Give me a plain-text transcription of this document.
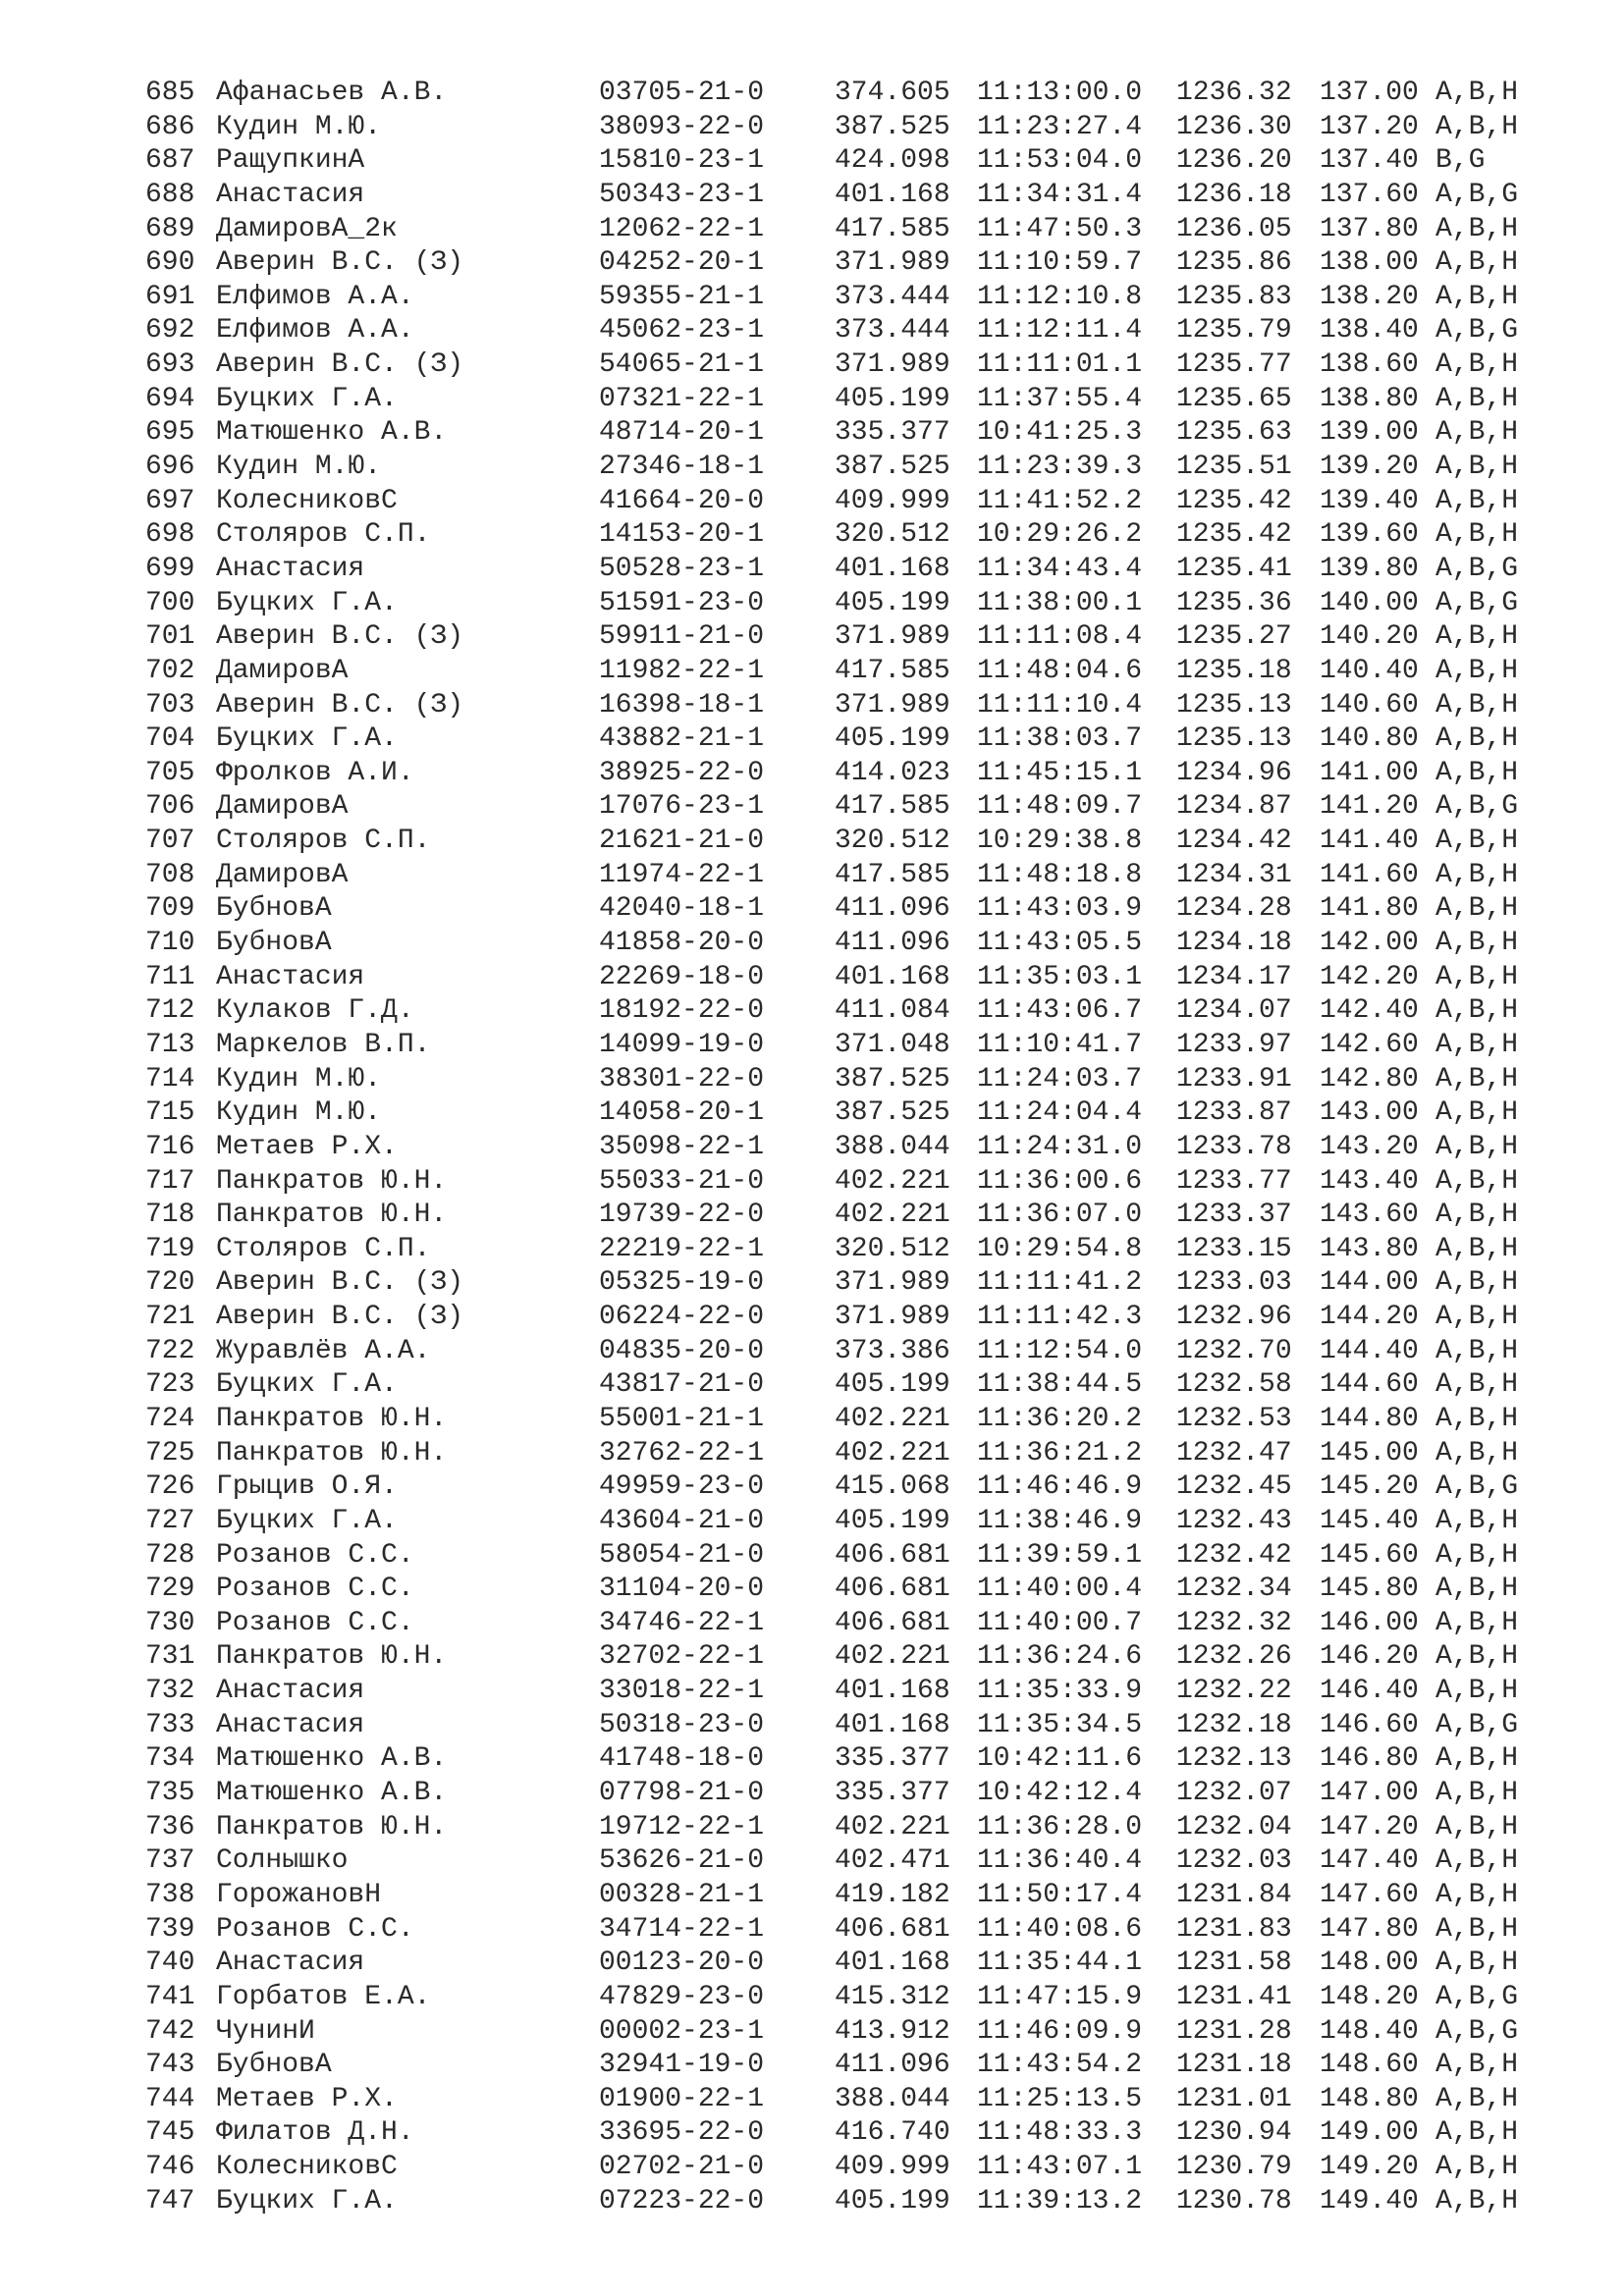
685 Афанасьев А.В.	03705-21-0	374.605 11:13:00.0	1236.32	137.00 A,B,H
686 Кудин М.Ю.	38093-22-0	387.525 11:23:27.4	1236.30	137.20 A,B,H
687 РащупкинА	15810-23-1	424.098 11:53:04.0	1236.20	137.40 B,G
688 Анастасия	50343-23-1	401.168 11:34:31.4	1236.18	137.60 A,B,G
689 ДамировА_2к	12062-22-1	417.585 11:47:50.3	1236.05	137.80 A,B,H
690 Аверин В.С. (З)	04252-20-1	371.989 11:10:59.7	1235.86	138.00 A,B,H
691 Елфимов А.А.	59355-21-1	373.444 11:12:10.8	1235.83	138.20 A,B,H
692 Елфимов А.А.	45062-23-1	373.444 11:12:11.4	1235.79	138.40 A,B,G
693 Аверин В.С. (З)	54065-21-1	371.989 11:11:01.1	1235.77	138.60 A,B,H
694 Буцких Г.А.	07321-22-1	405.199 11:37:55.4	1235.65	138.80 A,B,H
695 Матюшенко А.В.	48714-20-1	335.377 10:41:25.3	1235.63	139.00 A,B,H
696 Кудин М.Ю.	27346-18-1	387.525 11:23:39.3	1235.51	139.20 A,B,H
697 КолесниковС	41664-20-0	409.999 11:41:52.2	1235.42	139.40 A,B,H
698 Столяров С.П.	14153-20-1	320.512 10:29:26.2	1235.42	139.60 A,B,H
699 Анастасия	50528-23-1	401.168 11:34:43.4	1235.41	139.80 A,B,G
700 Буцких Г.А.	51591-23-0	405.199 11:38:00.1	1235.36	140.00 A,B,G
701 Аверин В.С. (З)	59911-21-0	371.989 11:11:08.4	1235.27	140.20 A,B,H
702 ДамировА	11982-22-1	417.585 11:48:04.6	1235.18	140.40 A,B,H
703 Аверин В.С. (З)	16398-18-1	371.989 11:11:10.4	1235.13	140.60 A,B,H
704 Буцких Г.А.	43882-21-1	405.199 11:38:03.7	1235.13	140.80 A,B,H
705 Фролков А.И.	38925-22-0	414.023 11:45:15.1	1234.96	141.00 A,B,H
706 ДамировА	17076-23-1	417.585 11:48:09.7	1234.87	141.20 A,B,G
707 Столяров С.П.	21621-21-0	320.512 10:29:38.8	1234.42	141.40 A,B,H
708 ДамировА	11974-22-1	417.585 11:48:18.8	1234.31	141.60 A,B,H
709 БубновА	42040-18-1	411.096 11:43:03.9	1234.28	141.80 A,B,H
710 БубновА	41858-20-0	411.096 11:43:05.5	1234.18	142.00 A,B,H
711 Анастасия	22269-18-0	401.168 11:35:03.1	1234.17	142.20 A,B,H
712 Кулаков Г.Д.	18192-22-0	411.084 11:43:06.7	1234.07	142.40 A,B,H
713 Маркелов В.П.	14099-19-0	371.048 11:10:41.7	1233.97	142.60 A,B,H
714 Кудин М.Ю.	38301-22-0	387.525 11:24:03.7	1233.91	142.80 A,B,H
715 Кудин М.Ю.	14058-20-1	387.525 11:24:04.4	1233.87	143.00 A,B,H
716 Метаев Р.Х.	35098-22-1	388.044 11:24:31.0	1233.78	143.20 A,B,H
717 Панкратов Ю.Н.	55033-21-0	402.221 11:36:00.6	1233.77	143.40 A,B,H
718 Панкратов Ю.Н.	19739-22-0	402.221 11:36:07.0	1233.37	143.60 A,B,H
719 Столяров С.П.	22219-22-1	320.512 10:29:54.8	1233.15	143.80 A,B,H
720 Аверин В.С. (З)	05325-19-0	371.989 11:11:41.2	1233.03	144.00 A,B,H
721 Аверин В.С. (З)	06224-22-0	371.989 11:11:42.3	1232.96	144.20 A,B,H
722 Журавлёв А.А.	04835-20-0	373.386 11:12:54.0	1232.70	144.40 A,B,H
723 Буцких Г.А.	43817-21-0	405.199 11:38:44.5	1232.58	144.60 A,B,H
724 Панкратов Ю.Н.	55001-21-1	402.221 11:36:20.2	1232.53	144.80 A,B,H
725 Панкратов Ю.Н.	32762-22-1	402.221 11:36:21.2	1232.47	145.00 A,B,H
726 Грыцив О.Я.	49959-23-0	415.068 11:46:46.9	1232.45	145.20 A,B,G
727 Буцких Г.А.	43604-21-0	405.199 11:38:46.9	1232.43	145.40 A,B,H
728 Розанов С.С.	58054-21-0	406.681 11:39:59.1	1232.42	145.60 A,B,H
729 Розанов С.С.	31104-20-0	406.681 11:40:00.4	1232.34	145.80 A,B,H
730 Розанов С.С.	34746-22-1	406.681 11:40:00.7	1232.32	146.00 A,B,H
731 Панкратов Ю.Н.	32702-22-1	402.221 11:36:24.6	1232.26	146.20 A,B,H
732 Анастасия	33018-22-1	401.168 11:35:33.9	1232.22	146.40 A,B,H
733 Анастасия	50318-23-0	401.168 11:35:34.5	1232.18	146.60 A,B,G
734 Матюшенко А.В.	41748-18-0	335.377 10:42:11.6	1232.13	146.80 A,B,H
735 Матюшенко А.В.	07798-21-0	335.377 10:42:12.4	1232.07	147.00 A,B,H
736 Панкратов Ю.Н.	19712-22-1	402.221 11:36:28.0	1232.04	147.20 A,B,H
737 Солнышко	53626-21-0	402.471 11:36:40.4	1232.03	147.40 A,B,H
738 ГорожановН	00328-21-1	419.182 11:50:17.4	1231.84	147.60 A,B,H
739 Розанов С.С.	34714-22-1	406.681 11:40:08.6	1231.83	147.80 A,B,H
740 Анастасия	00123-20-0	401.168 11:35:44.1	1231.58	148.00 A,B,H
741 Горбатов Е.А.	47829-23-0	415.312 11:47:15.9	1231.41	148.20 A,B,G
742 ЧунинИ	00002-23-1	413.912 11:46:09.9	1231.28	148.40 A,B,G
743 БубновА	32941-19-0	411.096 11:43:54.2	1231.18	148.60 A,B,H
744 Метаев Р.Х.	01900-22-1	388.044 11:25:13.5	1231.01	148.80 A,B,H
745 Филатов Д.Н.	33695-22-0	416.740 11:48:33.3	1230.94	149.00 A,B,H
746 КолесниковС	02702-21-0	409.999 11:43:07.1	1230.79	149.20 A,B,H
747 Буцких Г.А.	07223-22-0	405.199 11:39:13.2	1230.78	149.40 A,B,H
